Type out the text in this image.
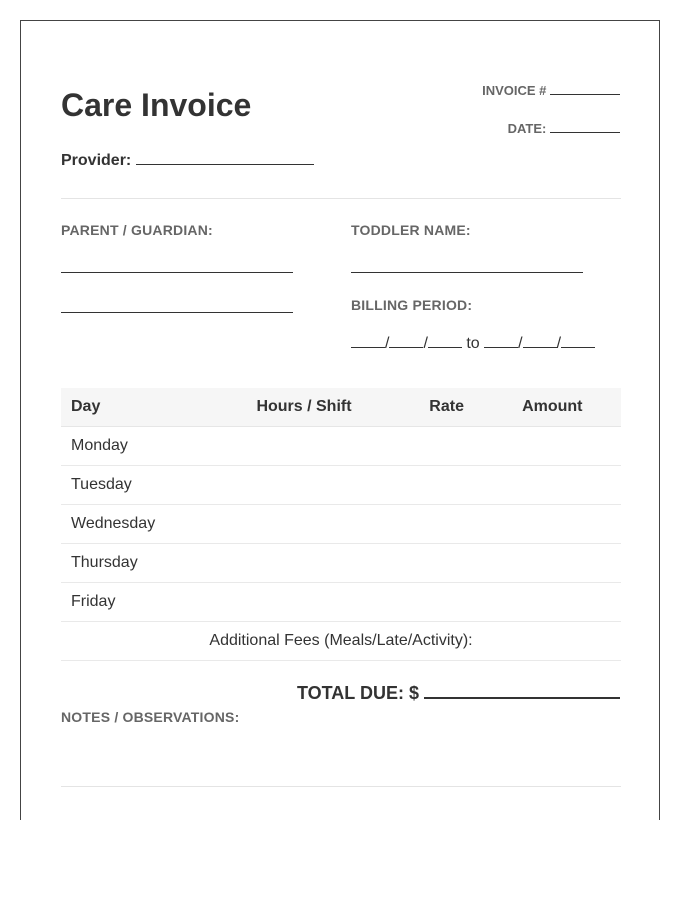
Care Invoice
Provider:
INVOICE #
DATE:
PARENT / GUARDIAN:	TODDLER NAME:
BILLING PERIOD:
/ / to / /
Day	Hours / Shift	Rate	Amount
Monday			
Tuesday			
Wednesday			
Thursday			
Friday			
Additional Fees (Meals/Late/Activity):			
TOTAL DUE: $
NOTES / OBSERVATIONS:
